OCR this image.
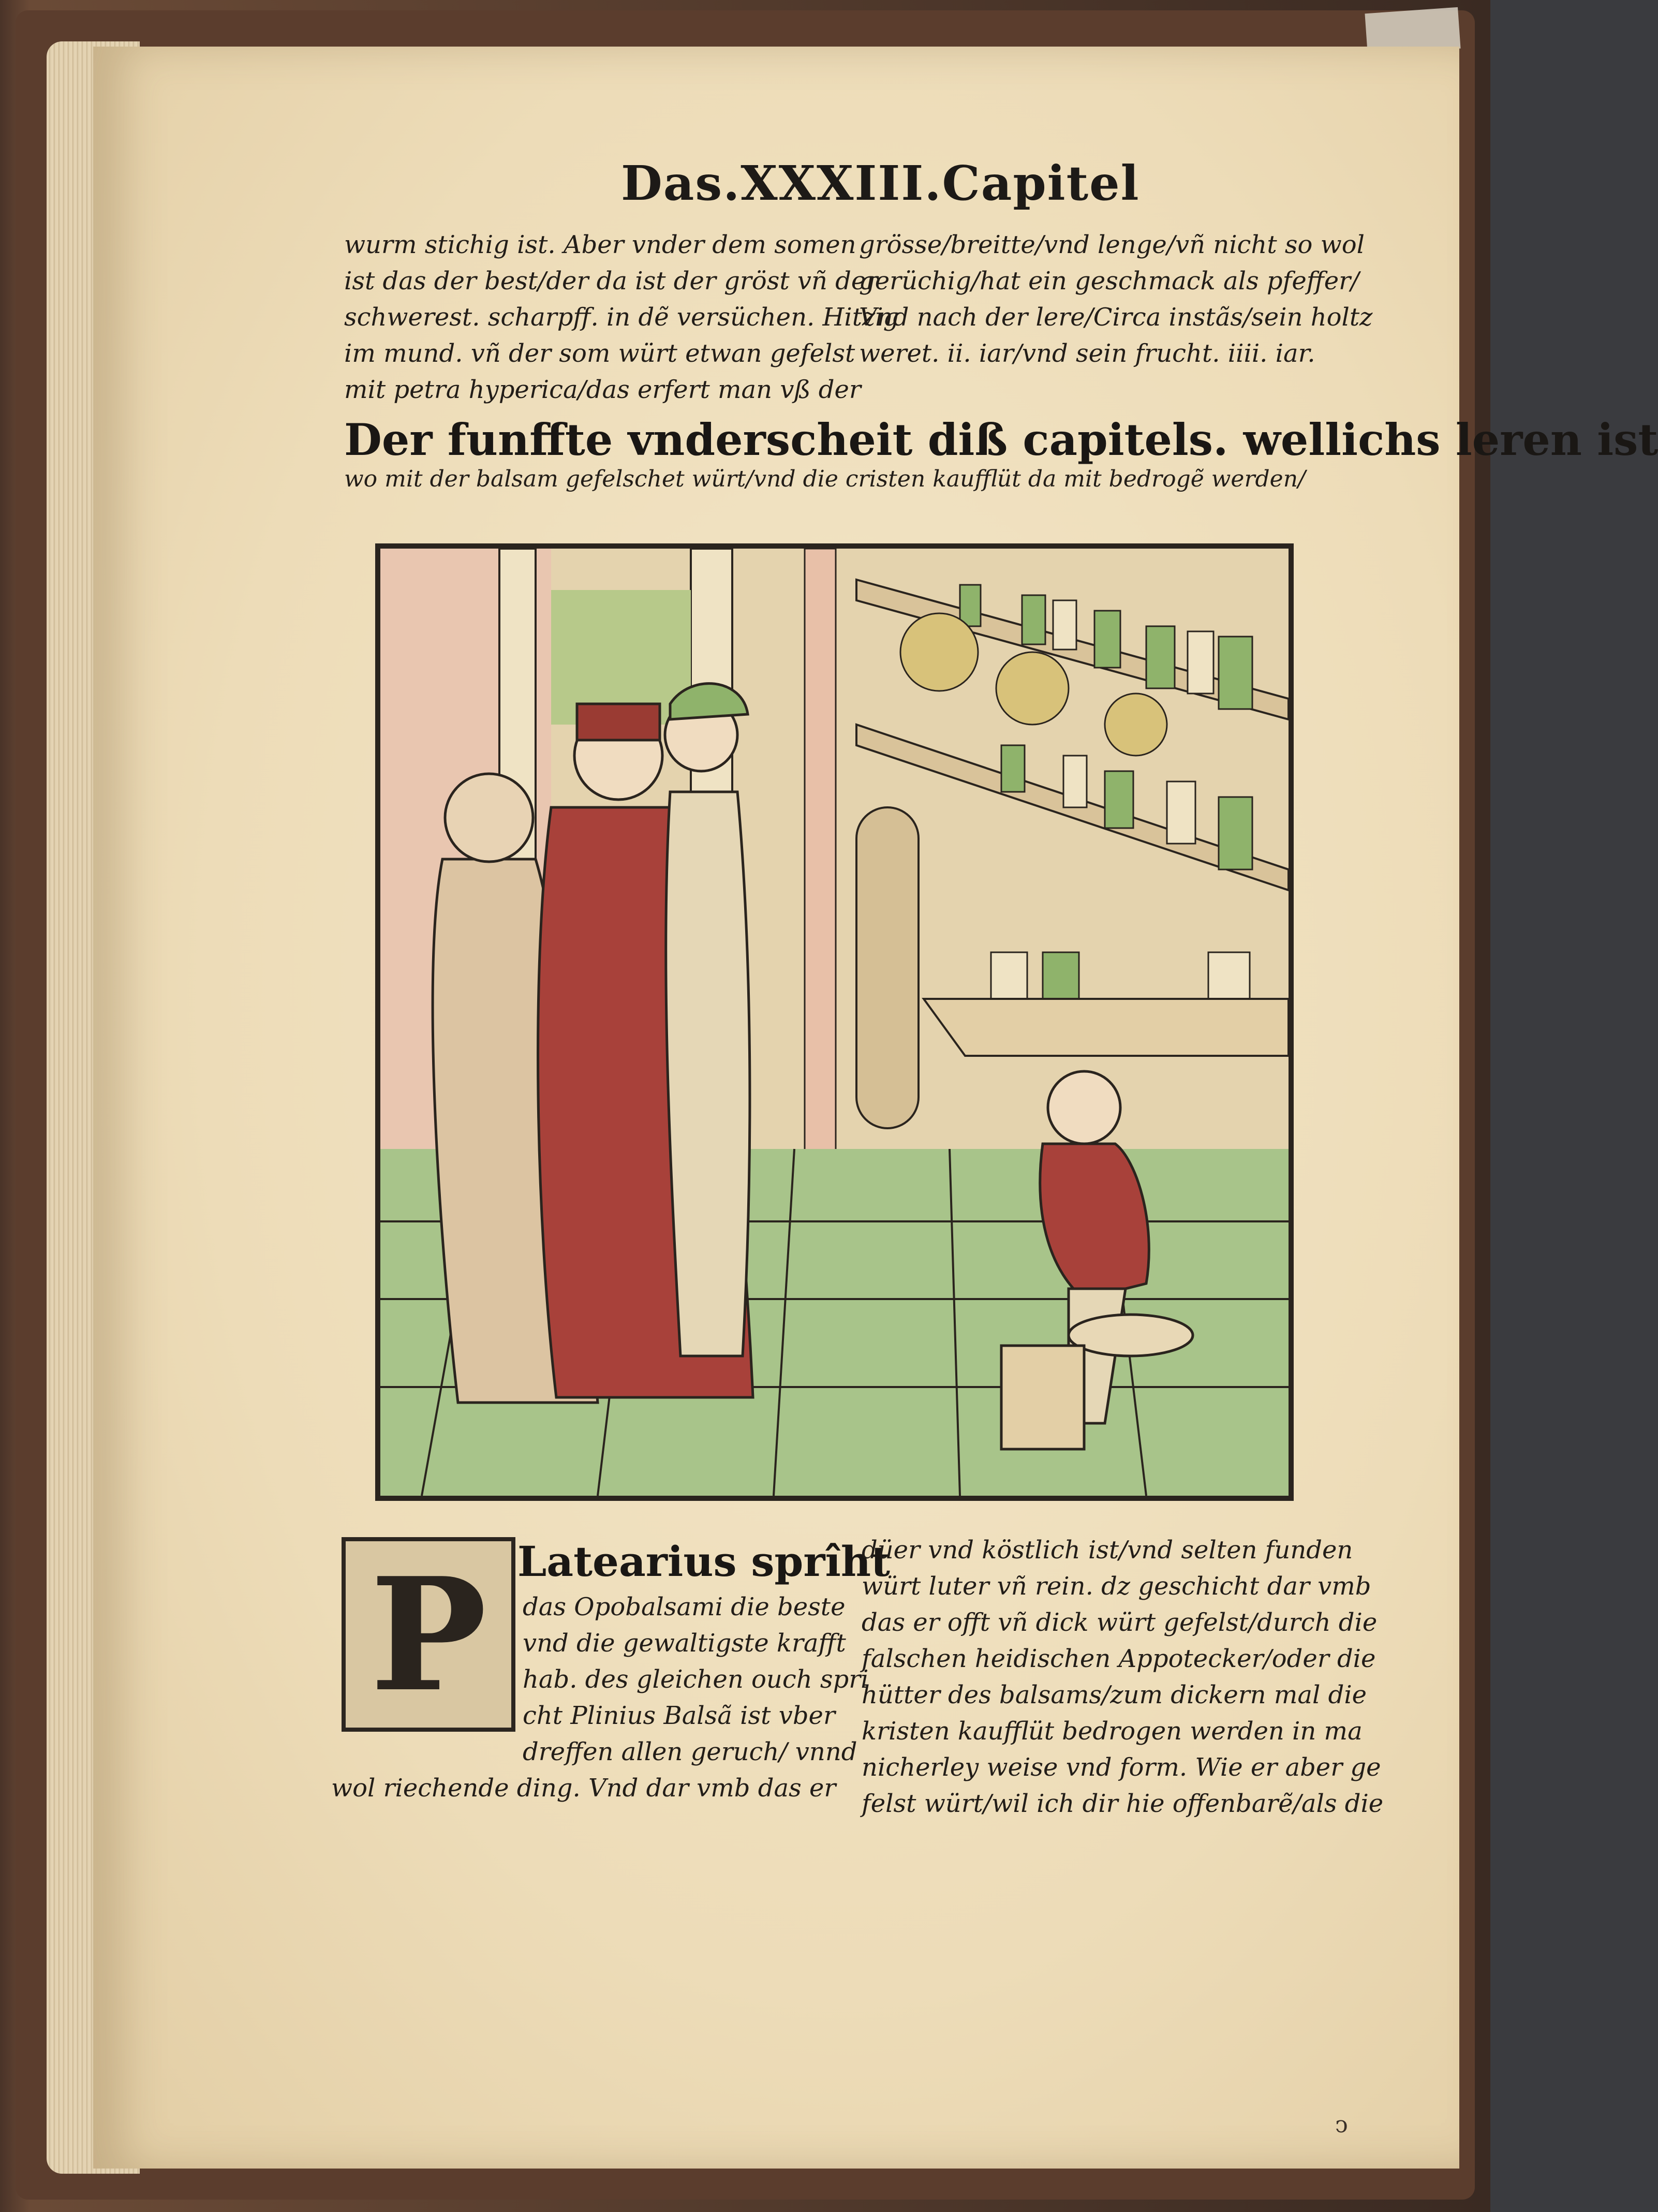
Das.XXXIII.Capitel

wurm stichig ist. Aber vnder dem somen

ist das der best/der da ist der gröst vñ der

schwerest. scharpff. in dẽ versüchen. Hitzig

im mund. vñ der som würt etwan gefelst

mit petra hyperica/das erfert man vß der

grösse/breitte/vnd lenge/vñ nicht so wol

gerüchig/hat ein geschmack als pfeffer/

Vnd nach der lere/Circa instãs/sein holtz

weret. ii. iar/vnd sein frucht. iiii. iar.

Der funffte vnderscheit diß capitels. wellichs leren ist
wo mit der balsam gefelschet würt/vnd die cristen kaufflüt da mit bedrogẽ werden/
P Latearius sprîht

das Opobalsami die beste

vnd die gewaltigste krafft

hab. des gleichen ouch spri

cht Plinius Balsã ist vber

dreffen allen geruch/ vnnd

wol riechende ding. Vnd dar vmb das er

düer vnd köstlich ist/vnd selten funden

würt luter vñ rein. dz geschicht dar vmb

das er offt vñ dick würt gefelst/durch die

falschen heidischen Appotecker/oder die

hütter des balsams/zum dickern mal die

kristen kaufflüt bedrogen werden in ma

nicherley weise vnd form. Wie er aber ge

felst würt/wil ich dir hie offenbarẽ/als die

ͻ
